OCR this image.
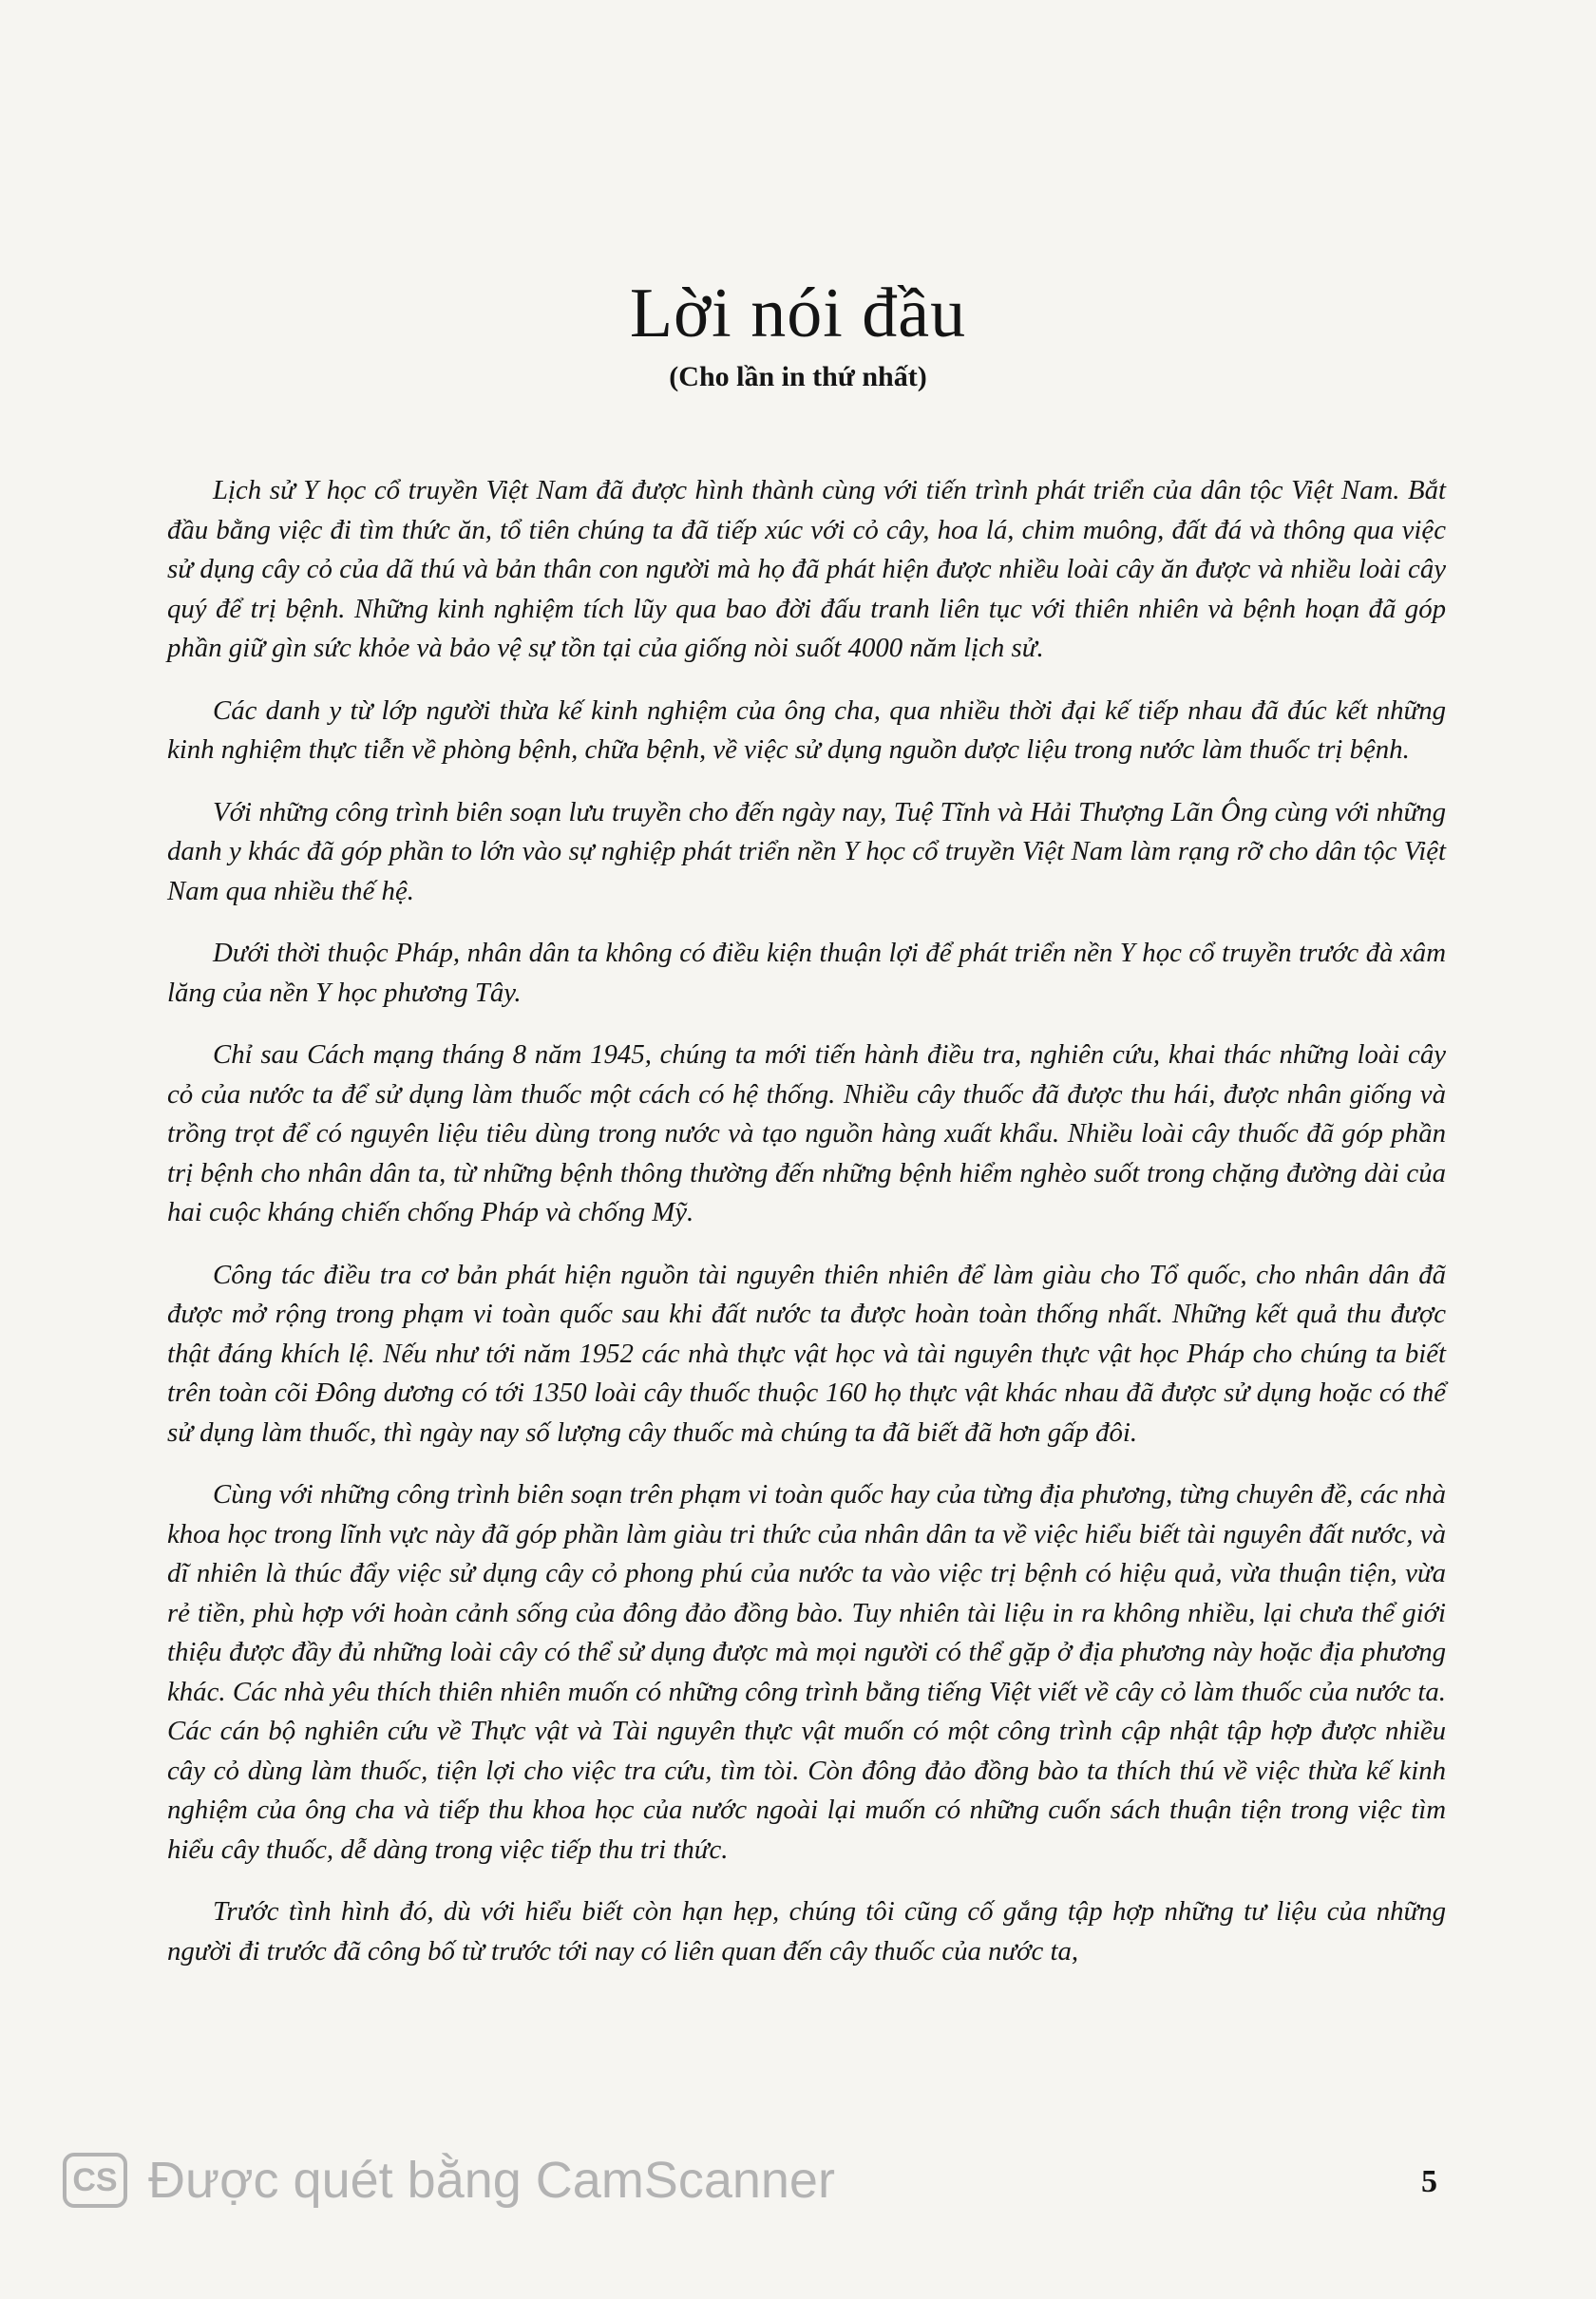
Lời nói đầu
(Cho lần in thứ nhất)

Lịch sử Y học cổ truyền Việt Nam đã được hình thành cùng với tiến trình phát triển của dân tộc Việt Nam. Bắt đầu bằng việc đi tìm thức ăn, tổ tiên chúng ta đã tiếp xúc với cỏ cây, hoa lá, chim muông, đất đá và thông qua việc sử dụng cây cỏ của dã thú và bản thân con người mà họ đã phát hiện được nhiều loài cây ăn được và nhiều loài cây quý để trị bệnh. Những kinh nghiệm tích lũy qua bao đời đấu tranh liên tục với thiên nhiên và bệnh hoạn đã góp phần giữ gìn sức khỏe và bảo vệ sự tồn tại của giống nòi suốt 4000 năm lịch sử.

Các danh y từ lớp người thừa kế kinh nghiệm của ông cha, qua nhiều thời đại kế tiếp nhau đã đúc kết những kinh nghiệm thực tiễn về phòng bệnh, chữa bệnh, về việc sử dụng nguồn dược liệu trong nước làm thuốc trị bệnh.

Với những công trình biên soạn lưu truyền cho đến ngày nay, Tuệ Tĩnh và Hải Thượng Lãn Ông cùng với những danh y khác đã góp phần to lớn vào sự nghiệp phát triển nền Y học cổ truyền Việt Nam làm rạng rỡ cho dân tộc Việt Nam qua nhiều thế hệ.

Dưới thời thuộc Pháp, nhân dân ta không có điều kiện thuận lợi để phát triển nền Y học cổ truyền trước đà xâm lăng của nền Y học phương Tây.

Chỉ sau Cách mạng tháng 8 năm 1945, chúng ta mới tiến hành điều tra, nghiên cứu, khai thác những loài cây cỏ của nước ta để sử dụng làm thuốc một cách có hệ thống. Nhiều cây thuốc đã được thu hái, được nhân giống và trồng trọt để có nguyên liệu tiêu dùng trong nước và tạo nguồn hàng xuất khẩu. Nhiều loài cây thuốc đã góp phần trị bệnh cho nhân dân ta, từ những bệnh thông thường đến những bệnh hiểm nghèo suốt trong chặng đường dài của hai cuộc kháng chiến chống Pháp và chống Mỹ.

Công tác điều tra cơ bản phát hiện nguồn tài nguyên thiên nhiên để làm giàu cho Tổ quốc, cho nhân dân đã được mở rộng trong phạm vi toàn quốc sau khi đất nước ta được hoàn toàn thống nhất. Những kết quả thu được thật đáng khích lệ. Nếu như tới năm 1952 các nhà thực vật học và tài nguyên thực vật học Pháp cho chúng ta biết trên toàn cõi Đông dương có tới 1350 loài cây thuốc thuộc 160 họ thực vật khác nhau đã được sử dụng hoặc có thể sử dụng làm thuốc, thì ngày nay số lượng cây thuốc mà chúng ta đã biết đã hơn gấp đôi.

Cùng với những công trình biên soạn trên phạm vi toàn quốc hay của từng địa phương, từng chuyên đề, các nhà khoa học trong lĩnh vực này đã góp phần làm giàu tri thức của nhân dân ta về việc hiểu biết tài nguyên đất nước, và dĩ nhiên là thúc đẩy việc sử dụng cây cỏ phong phú của nước ta vào việc trị bệnh có hiệu quả, vừa thuận tiện, vừa rẻ tiền, phù hợp với hoàn cảnh sống của đông đảo đồng bào. Tuy nhiên tài liệu in ra không nhiều, lại chưa thể giới thiệu được đầy đủ những loài cây có thể sử dụng được mà mọi người có thể gặp ở địa phương này hoặc địa phương khác. Các nhà yêu thích thiên nhiên muốn có những công trình bằng tiếng Việt viết về cây cỏ làm thuốc của nước ta. Các cán bộ nghiên cứu về Thực vật và Tài nguyên thực vật muốn có một công trình cập nhật tập hợp được nhiều cây cỏ dùng làm thuốc, tiện lợi cho việc tra cứu, tìm tòi. Còn đông đảo đồng bào ta thích thú về việc thừa kế kinh nghiệm của ông cha và tiếp thu khoa học của nước ngoài lại muốn có những cuốn sách thuận tiện trong việc tìm hiểu cây thuốc, dễ dàng trong việc tiếp thu tri thức.

Trước tình hình đó, dù với hiểu biết còn hạn hẹp, chúng tôi cũng cố gắng tập hợp những tư liệu của những người đi trước đã công bố từ trước tới nay có liên quan đến cây thuốc của nước ta,

CS Được quét bằng CamScanner	5
